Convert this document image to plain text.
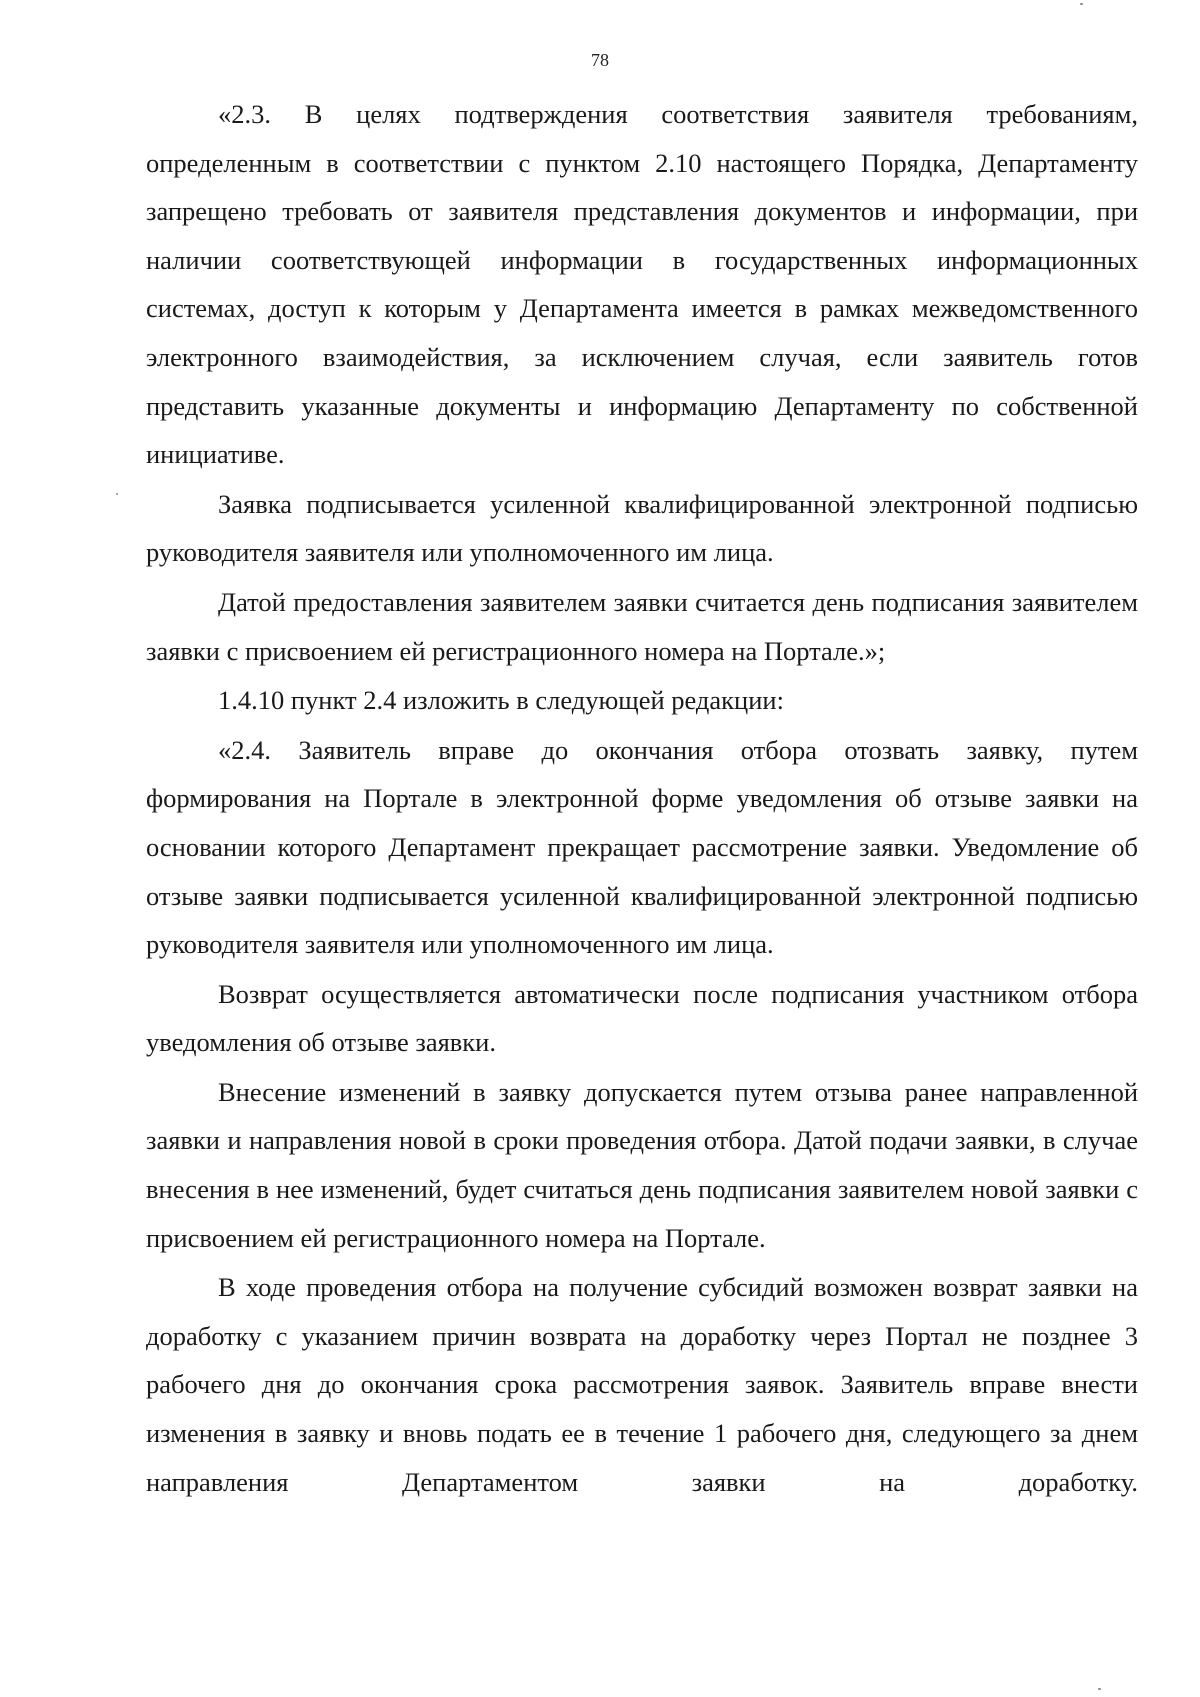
78

«2.3. В целях подтверждения соответствия заявителя требованиям, определенным в соответствии с пунктом 2.10 настоящего Порядка, Департаменту запрещено требовать от заявителя представления документов и информации, при наличии соответствующей информации в государственных информационных системах, доступ к которым у Департамента имеется в рамках межведомственного электронного взаимодействия, за исключением случая, если заявитель готов представить указанные документы и информацию Департаменту по собственной инициативе.

Заявка подписывается усиленной квалифицированной электронной подписью руководителя заявителя или уполномоченного им лица.

Датой предоставления заявителем заявки считается день подписания заявителем заявки с присвоением ей регистрационного номера на Портале.»;

1.4.10 пункт 2.4 изложить в следующей редакции:

«2.4. Заявитель вправе до окончания отбора отозвать заявку, путем формирования на Портале в электронной форме уведомления об отзыве заявки на основании которого Департамент прекращает рассмотрение заявки. Уведомление об отзыве заявки подписывается усиленной квалифицированной электронной подписью руководителя заявителя или уполномоченного им лица.

Возврат осуществляется автоматически после подписания участником отбора уведомления об отзыве заявки.

Внесение изменений в заявку допускается путем отзыва ранее направленной заявки и направления новой в сроки проведения отбора. Датой подачи заявки, в случае внесения в нее изменений, будет считаться день подписания заявителем новой заявки с присвоением ей регистрационного номера на Портале.

В ходе проведения отбора на получение субсидий возможен возврат заявки на доработку с указанием причин возврата на доработку через Портал не позднее 3 рабочего дня до окончания срока рассмотрения заявок. Заявитель вправе внести изменения в заявку и вновь подать ее в течение 1 рабочего дня, следующего за днем направления Департаментом заявки на доработку.
